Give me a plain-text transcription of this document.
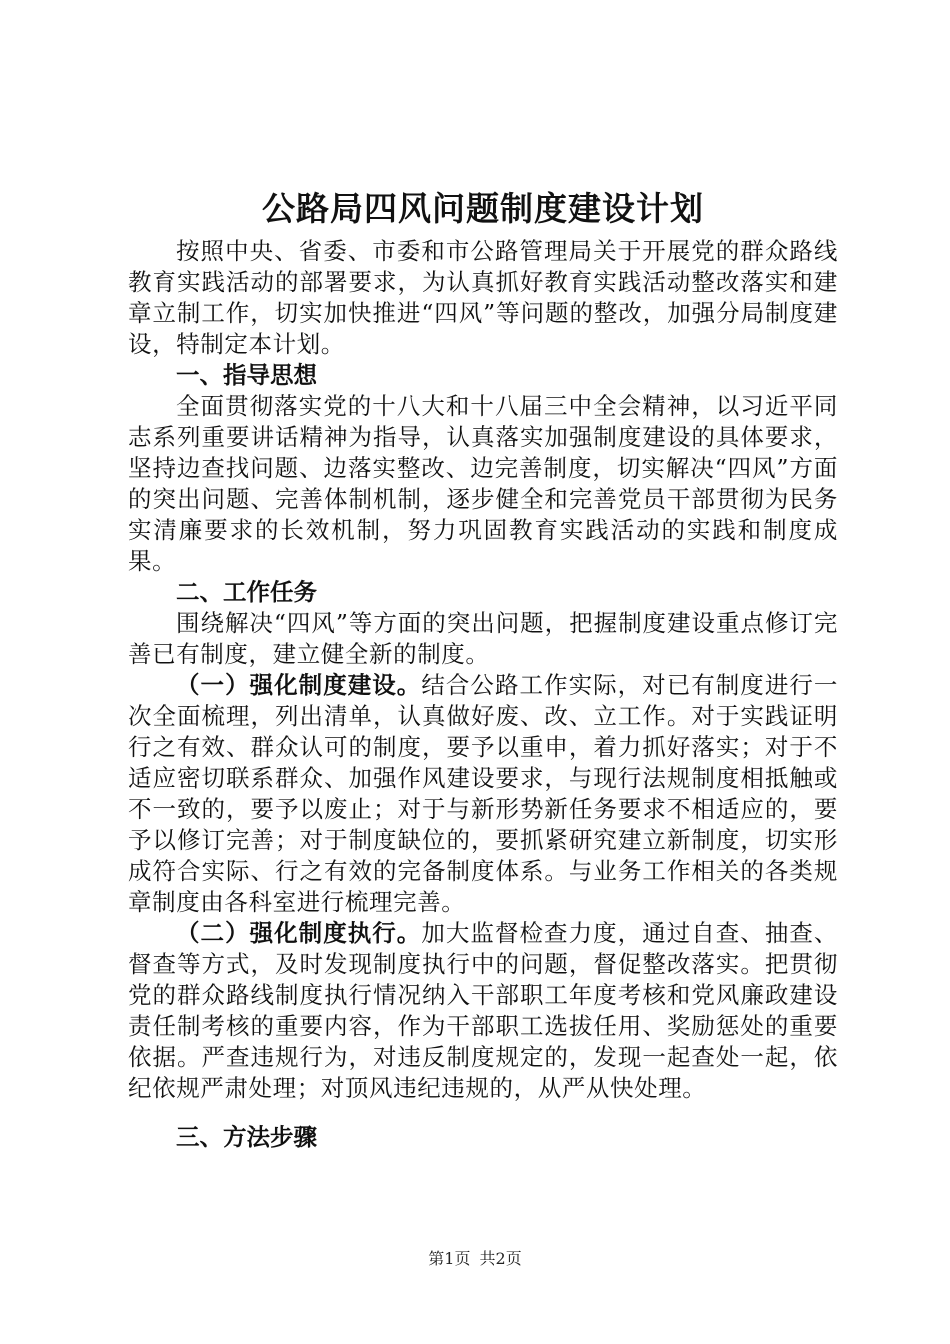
公路局四风问题制度建设计划

按照中央、省委、市委和市公路管理局关于开展党的群众路线教育实践活动的部署要求，为认真抓好教育实践活动整改落实和建章立制工作，切实加快推进“四风”等问题的整改，加强分局制度建设，特制定本计划。

一、指导思想

全面贯彻落实党的十八大和十八届三中全会精神，以习近平同志系列重要讲话精神为指导，认真落实加强制度建设的具体要求，坚持边查找问题、边落实整改、边完善制度，切实解决“四风”方面的突出问题、完善体制机制，逐步健全和完善党员干部贯彻为民务实清廉要求的长效机制，努力巩固教育实践活动的实践和制度成果。

二、工作任务

围绕解决“四风”等方面的突出问题，把握制度建设重点修订完善已有制度，建立健全新的制度。

（一）强化制度建设。结合公路工作实际，对已有制度进行一次全面梳理，列出清单，认真做好废、改、立工作。对于实践证明行之有效、群众认可的制度，要予以重申，着力抓好落实；对于不适应密切联系群众、加强作风建设要求，与现行法规制度相抵触或不一致的，要予以废止；对于与新形势新任务要求不相适应的，要予以修订完善；对于制度缺位的，要抓紧研究建立新制度，切实形成符合实际、行之有效的完备制度体系。与业务工作相关的各类规章制度由各科室进行梳理完善。

（二）强化制度执行。加大监督检查力度，通过自查、抽查、督查等方式，及时发现制度执行中的问题，督促整改落实。把贯彻党的群众路线制度执行情况纳入干部职工年度考核和党风廉政建设责任制考核的重要内容，作为干部职工选拔任用、奖励惩处的重要依据。严查违规行为，对违反制度规定的，发现一起查处一起，依纪依规严肃处理；对顶风违纪违规的，从严从快处理。

三、方法步骤

第1页 共2页
